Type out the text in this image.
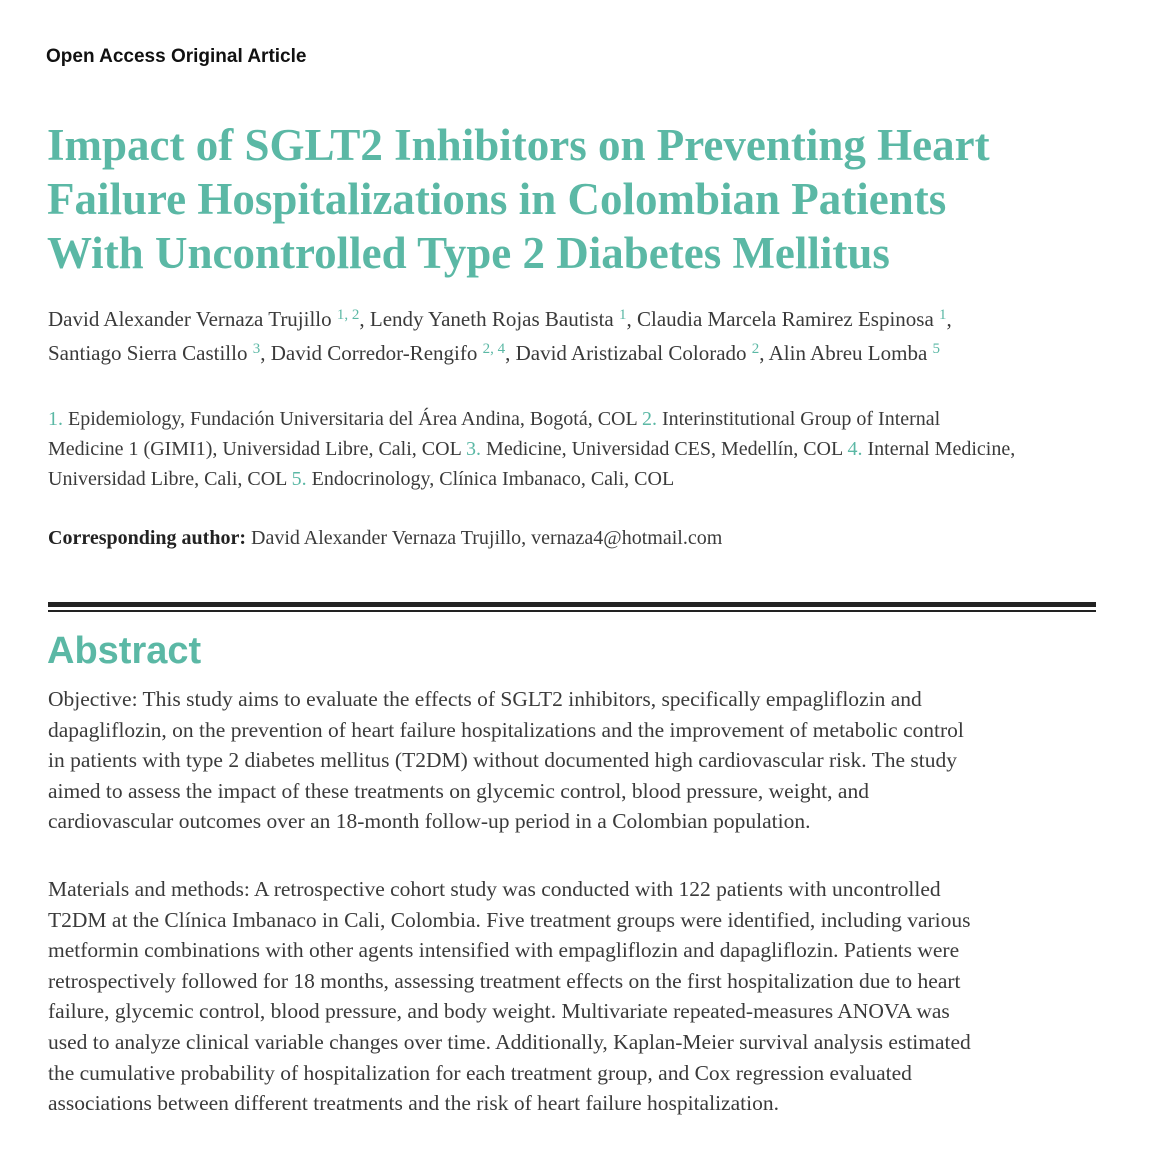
Open Access Original Article
Impact of SGLT2 Inhibitors on Preventing Heart
Failure Hospitalizations in Colombian Patients
With Uncontrolled Type 2 Diabetes Mellitus
David Alexander Vernaza Trujillo $^{1, 2}$, Lendy Yaneth Rojas Bautista $^1$, Claudia Marcela Ramirez Espinosa $^1$,
Santiago Sierra Castillo $^3$, David Corredor-Rengifo $^{2, 4}$, David Aristizabal Colorado $^2$, Alin Abreu Lomba $^5$
1. Epidemiology, Fundación Universitaria del Área Andina, Bogotá, COL 2. Interinstitutional Group of Internal
Medicine 1 (GIMI1), Universidad Libre, Cali, COL 3. Medicine, Universidad CES, Medellín, COL 4. Internal Medicine,
Universidad Libre, Cali, COL 5. Endocrinology, Clínica Imbanaco, Cali, COL
Corresponding author: David Alexander Vernaza Trujillo, vernaza4@hotmail.com
Abstract

Objective: This study aims to evaluate the effects of SGLT2 inhibitors, specifically empagliflozin and
dapagliflozin, on the prevention of heart failure hospitalizations and the improvement of metabolic control
in patients with type 2 diabetes mellitus (T2DM) without documented high cardiovascular risk. The study
aimed to assess the impact of these treatments on glycemic control, blood pressure, weight, and
cardiovascular outcomes over an 18-month follow-up period in a Colombian population.

Materials and methods: A retrospective cohort study was conducted with 122 patients with uncontrolled
T2DM at the Clínica Imbanaco in Cali, Colombia. Five treatment groups were identified, including various
metformin combinations with other agents intensified with empagliflozin and dapagliflozin. Patients were
retrospectively followed for 18 months, assessing treatment effects on the first hospitalization due to heart
failure, glycemic control, blood pressure, and body weight. Multivariate repeated-measures ANOVA was
used to analyze clinical variable changes over time. Additionally, Kaplan-Meier survival analysis estimated
the cumulative probability of hospitalization for each treatment group, and Cox regression evaluated
associations between different treatments and the risk of heart failure hospitalization.
